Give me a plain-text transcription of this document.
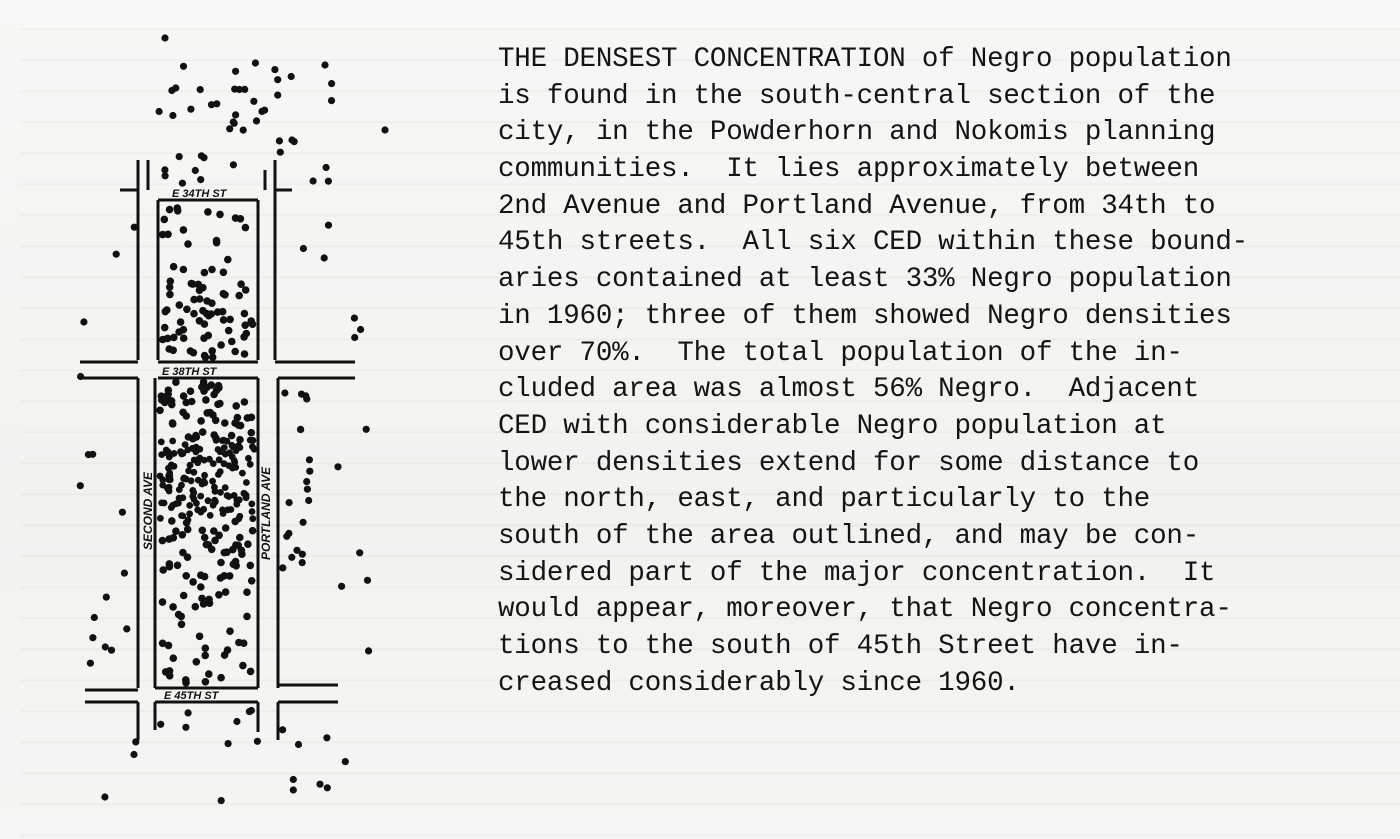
E 34TH ST
E 38TH ST
E 45TH ST
SECOND AVE	PORTLAND AVE
THE DENSEST CONCENTRATION of Negro population
is found in the south-central section of the
city, in the Powderhorn and Nokomis planning
communities.  It lies approximately between
2nd Avenue and Portland Avenue, from 34th to
45th streets.  All six CED within these bound-
aries contained at least 33% Negro population
in 1960; three of them showed Negro densities
over 70%.  The total population of the in-
cluded area was almost 56% Negro.  Adjacent
CED with considerable Negro population at
lower densities extend for some distance to
the north, east, and particularly to the
south of the area outlined, and may be con-
sidered part of the major concentration.  It
would appear, moreover, that Negro concentra-
tions to the south of 45th Street have in-
creased considerably since 1960.
